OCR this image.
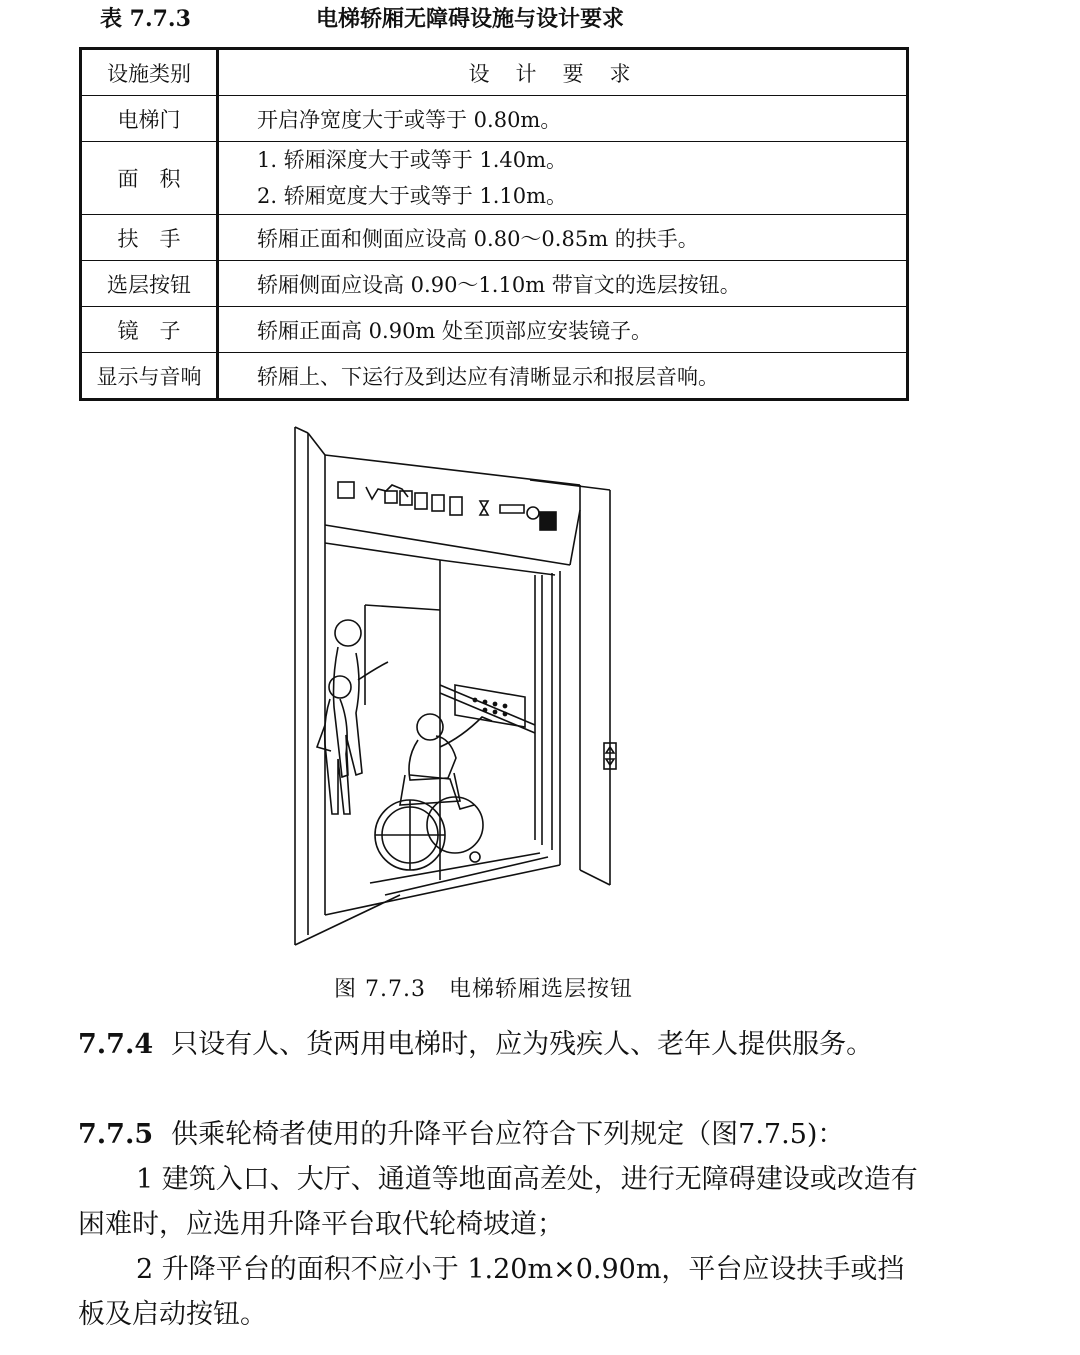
表 7.7.3	电梯轿厢无障碍设施与设计要求
设施类别	设计要求
电梯门	开启净宽度大于或等于 0.80m。
面　积	1. 轿厢深度大于或等于 1.40m。
2. 轿厢宽度大于或等于 1.10m。

扶　手	轿厢正面和侧面应设高 0.80～0.85m 的扶手。
选层按钮	轿厢侧面应设高 0.90～1.10m 带盲文的选层按钮。
镜　子	轿厢正面高 0.90m 处至顶部应安装镜子。
显示与音响	轿厢上、下运行及到达应有清晰显示和报层音响。
图 7.7.3　电梯轿厢选层按钮
7.7.4 只设有人、货两用电梯时，应为残疾人、老年人提供服务。
7.7.5 供乘轮椅者使用的升降平台应符合下列规定（图7.7.5)：
1 建筑入口、大厅、通道等地面高差处，进行无障碍建设或改造有困难时，应选用升降平台取代轮椅坡道；
2 升降平台的面积不应小于 1.20m×0.90m，平台应设扶手或挡板及启动按钮。
